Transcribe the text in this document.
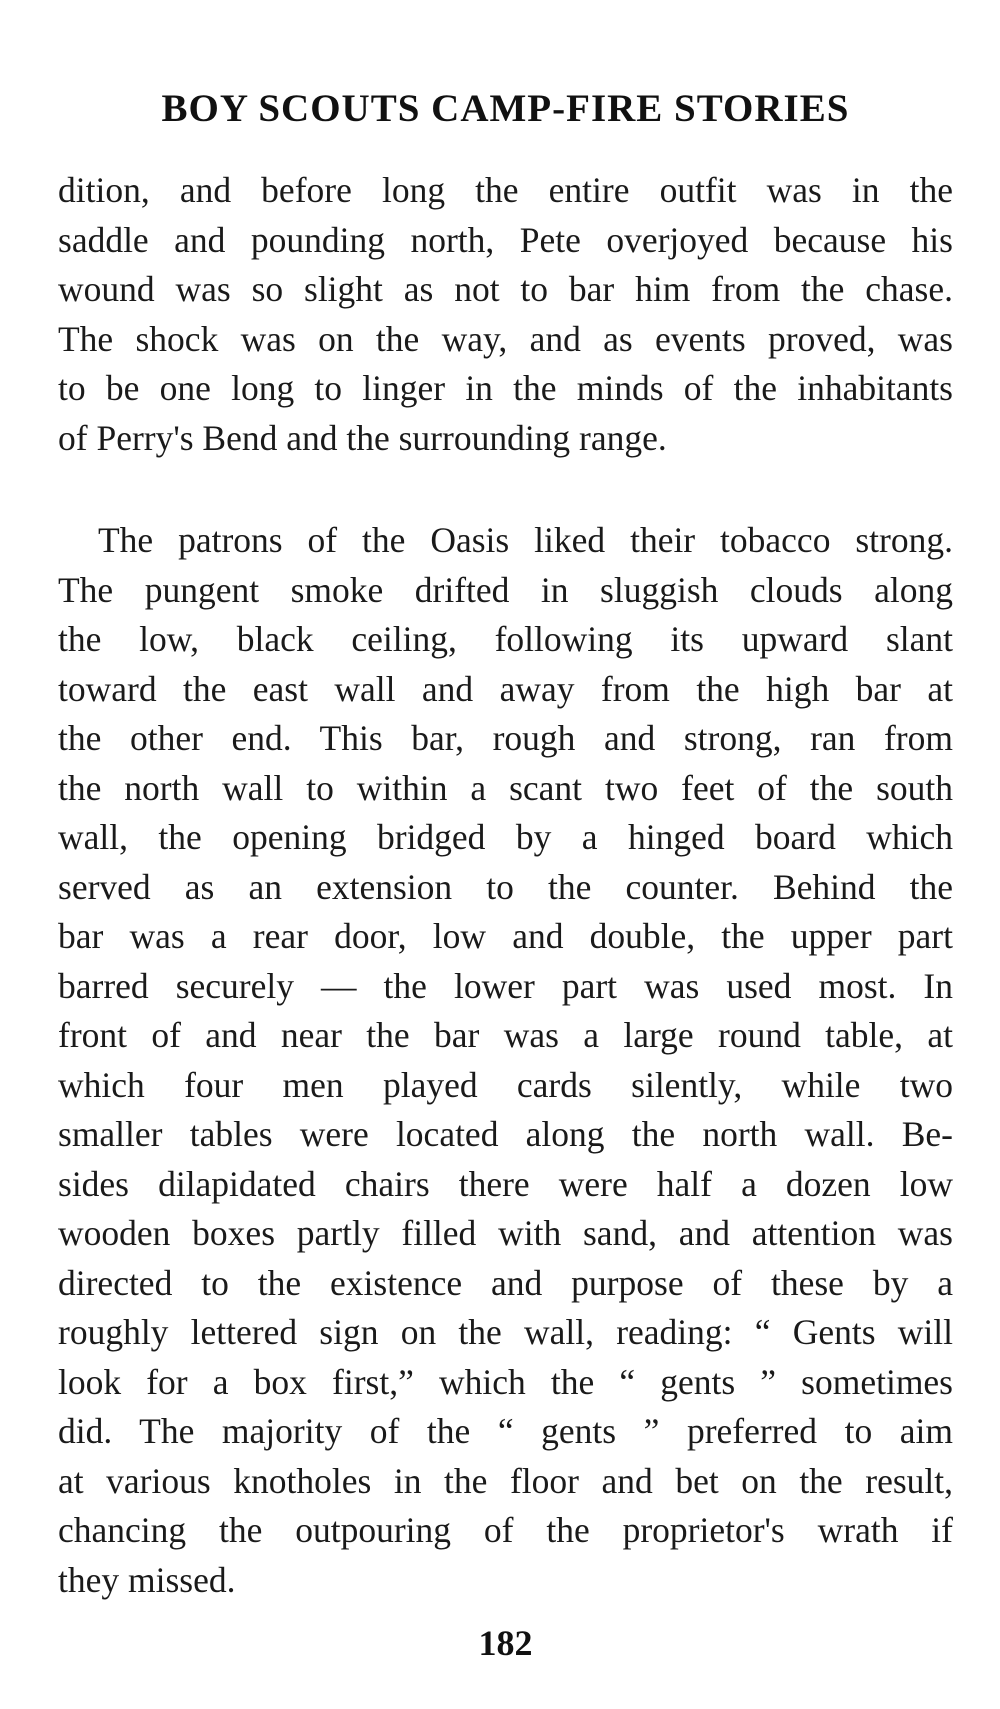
BOY SCOUTS CAMP-FIRE STORIES
dition, and before long the entire outfit was in the
saddle and pounding north, Pete overjoyed because his
wound was so slight as not to bar him from the chase.
The shock was on the way, and as events proved, was
to be one long to linger in the minds of the inhabitants
of Perry's Bend and the surrounding range.
The patrons of the Oasis liked their tobacco strong.
The pungent smoke drifted in sluggish clouds along
the low, black ceiling, following its upward slant
toward the east wall and away from the high bar at
the other end. This bar, rough and strong, ran from
the north wall to within a scant two feet of the south
wall, the opening bridged by a hinged board which
served as an extension to the counter. Behind the
bar was a rear door, low and double, the upper part
barred securely — the lower part was used most. In
front of and near the bar was a large round table, at
which four men played cards silently, while two
smaller tables were located along the north wall. Be-
sides dilapidated chairs there were half a dozen low
wooden boxes partly filled with sand, and attention was
directed to the existence and purpose of these by a
roughly lettered sign on the wall, reading: “ Gents will
look for a box first,” which the “ gents ” sometimes
did. The majority of the “ gents ” preferred to aim
at various knotholes in the floor and bet on the result,
chancing the outpouring of the proprietor's wrath if
they missed.
182
